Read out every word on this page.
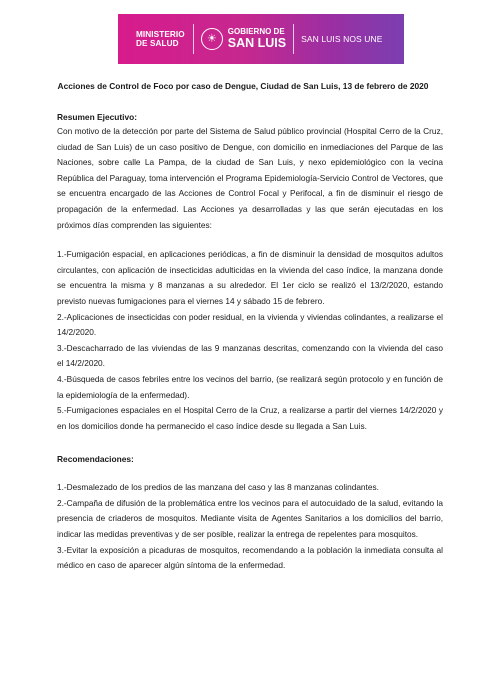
MINISTERIO
DE SALUD	☀
GOBIERNO DE
SAN LUIS SAN LUIS NOS UNE
Acciones de Control de Foco por caso de Dengue, Ciudad de San Luis, 13 de febrero de 2020
Resumen Ejecutivo:

Con motivo de la detección por parte del Sistema de Salud público provincial (Hospital Cerro de la Cruz, ciudad de San Luis) de un caso positivo de Dengue, con domicilio en inmediaciones del Parque de las Naciones, sobre calle La Pampa, de la ciudad de San Luis, y nexo epidemiológico con la vecina República del Paraguay, toma intervención el Programa Epidemiología-Servicio Control de Vectores, que se encuentra encargado de las Acciones de Control Focal y Perifocal, a fin de disminuir el riesgo de propagación de la enfermedad. Las Acciones ya desarrolladas y las que serán ejecutadas en los próximos días comprenden las siguientes:

1.-Fumigación espacial, en aplicaciones periódicas, a fin de disminuir la densidad de mosquitos adultos circulantes, con aplicación de insecticidas adulticidas en la vivienda del caso índice, la manzana donde se encuentra la misma y 8 manzanas a su alrededor. El 1er ciclo se realizó el 13/2/2020, estando previsto nuevas fumigaciones para el viernes 14 y sábado 15 de febrero.

2.-Aplicaciones de insecticidas con poder residual, en la vivienda y viviendas colindantes, a realizarse el 14/2/2020.

3.-Descacharrado de las viviendas de las 9 manzanas descritas, comenzando con la vivienda del caso el 14/2/2020.

4.-Búsqueda de casos febriles entre los vecinos del barrio, (se realizará según protocolo y en función de la epidemiología de la enfermedad).

5.-Fumigaciones espaciales en el Hospital Cerro de la Cruz, a realizarse a partir del viernes 14/2/2020 y en los domicilios donde ha permanecido el caso índice desde su llegada a San Luis.

Recomendaciones:

1.-Desmalezado de los predios de las manzana del caso y las 8 manzanas colindantes.

2.-Campaña de difusión de la problemática entre los vecinos para el autocuidado de la salud, evitando la presencia de criaderos de mosquitos. Mediante visita de Agentes Sanitarios a los domicilios del barrio, indicar las medidas preventivas y de ser posible, realizar la entrega de repelentes para mosquitos.

3.-Evitar la exposición a picaduras de mosquitos, recomendando a la población la inmediata consulta al médico en caso de aparecer algún síntoma de la enfermedad.
